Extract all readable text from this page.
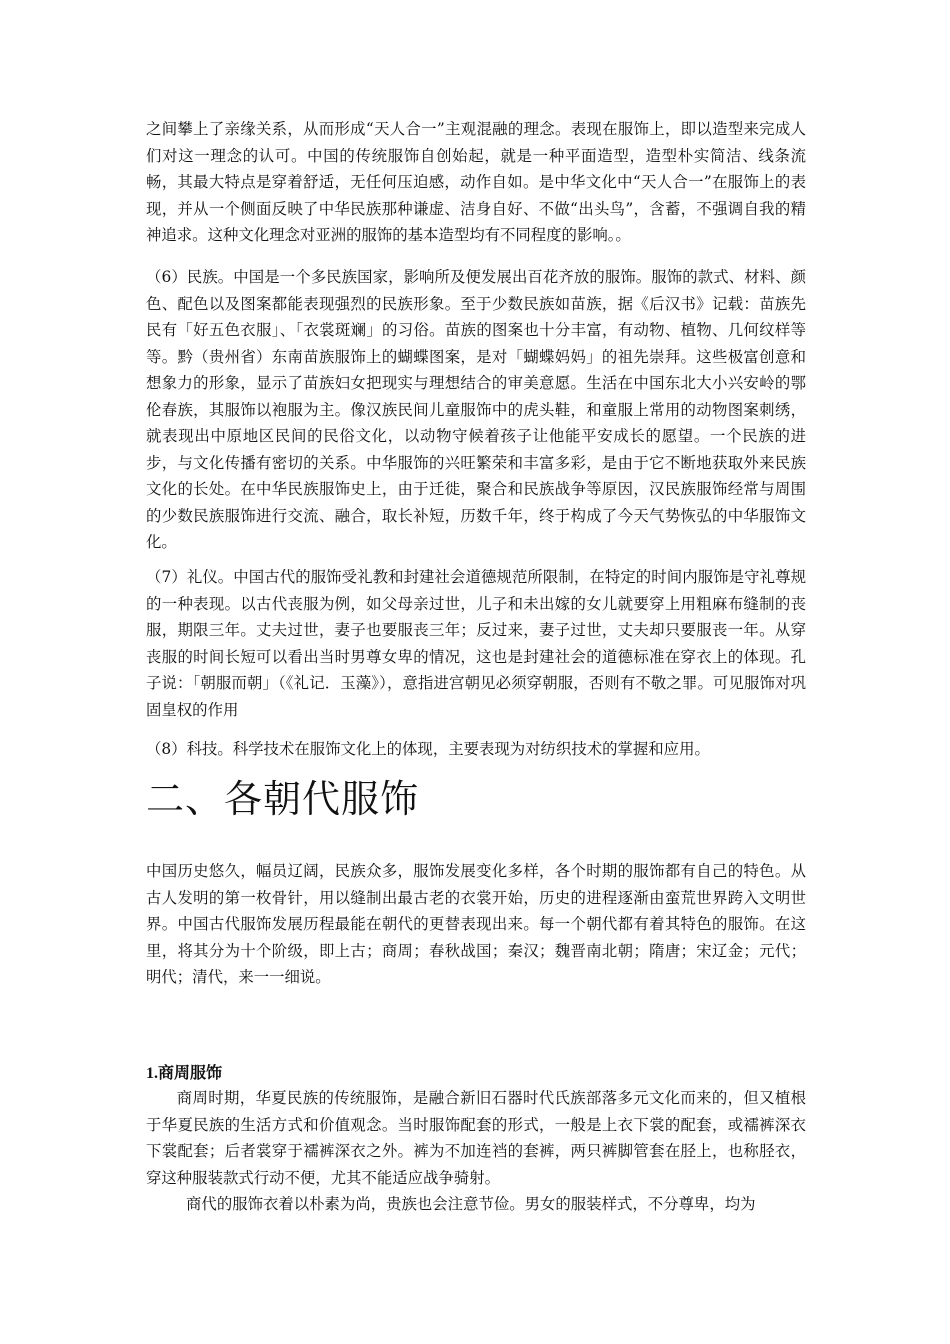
之间攀上了亲缘关系，从而形成“天人合一”主观混融的理念。表现在服饰上，即以造型来完成人们对这一理念的认可。中国的传统服饰自创始起，就是一种平面造型，造型朴实简洁、线条流畅，其最大特点是穿着舒适，无任何压迫感，动作自如。是中华文化中“天人合一”在服饰上的表现，并从一个侧面反映了中华民族那种谦虚、洁身自好、不做“出头鸟”，含蓄，不强调自我的精神追求。这种文化理念对亚洲的服饰的基本造型均有不同程度的影响。。

（6）民族。中国是一个多民族国家，影响所及便发展出百花齐放的服饰。服饰的款式、材料、颜色、配色以及图案都能表现强烈的民族形象。至于少数民族如苗族，据《后汉书》记载：苗族先民有「好五色衣服」、「衣裳斑斓」的习俗。苗族的图案也十分丰富，有动物、植物、几何纹样等等。黔（贵州省）东南苗族服饰上的蝴蝶图案，是对「蝴蝶妈妈」的祖先崇拜。这些极富创意和想象力的形象，显示了苗族妇女把现实与理想结合的审美意愿。生活在中国东北大小兴安岭的鄂伦春族，其服饰以袍服为主。像汉族民间儿童服饰中的虎头鞋，和童服上常用的动物图案刺绣，就表现出中原地区民间的民俗文化，以动物守候着孩子让他能平安成长的愿望。一个民族的进步，与文化传播有密切的关系。中华服饰的兴旺繁荣和丰富多彩，是由于它不断地获取外来民族文化的长处。在中华民族服饰史上，由于迁徙，聚合和民族战争等原因，汉民族服饰经常与周围的少数民族服饰进行交流、融合，取长补短，历数千年，终于构成了今天气势恢弘的中华服饰文化。

（7）礼仪。中国古代的服饰受礼教和封建社会道德规范所限制，在特定的时间内服饰是守礼尊规的一种表现。以古代丧服为例，如父母亲过世，儿子和未出嫁的女儿就要穿上用粗麻布缝制的丧服，期限三年。丈夫过世，妻子也要服丧三年；反过来，妻子过世，丈夫却只要服丧一年。从穿丧服的时间长短可以看出当时男尊女卑的情况，这也是封建社会的道德标准在穿衣上的体现。孔子说：「朝服而朝」（《礼记．玉藻》），意指进宫朝见必须穿朝服，否则有不敬之罪。可见服饰对巩固皇权的作用

（8）科技。科学技术在服饰文化上的体现，主要表现为对纺织技术的掌握和应用。

二、各朝代服饰

中国历史悠久，幅员辽阔，民族众多，服饰发展变化多样，各个时期的服饰都有自己的特色。从古人发明的第一枚骨针，用以缝制出最古老的衣裳开始，历史的进程逐渐由蛮荒世界跨入文明世界。中国古代服饰发展历程最能在朝代的更替表现出来。每一个朝代都有着其特色的服饰。在这里，将其分为十个阶级，即上古；商周；春秋战国；秦汉；魏晋南北朝；隋唐；宋辽金；元代；明代；清代，来一一细说。

1.商周服饰

商周时期，华夏民族的传统服饰，是融合新旧石器时代氏族部落多元文化而来的，但又植根于华夏民族的生活方式和价值观念。当时服饰配套的形式，一般是上衣下裳的配套，或襦裤深衣下裳配套；后者裳穿于襦裤深衣之外。裤为不加连裆的套裤，两只裤脚管套在胫上，也称胫衣，穿这种服装款式行动不便，尤其不能适应战争骑射。

商代的服饰衣着以朴素为尚，贵族也会注意节俭。男女的服装样式，不分尊卑，均为
